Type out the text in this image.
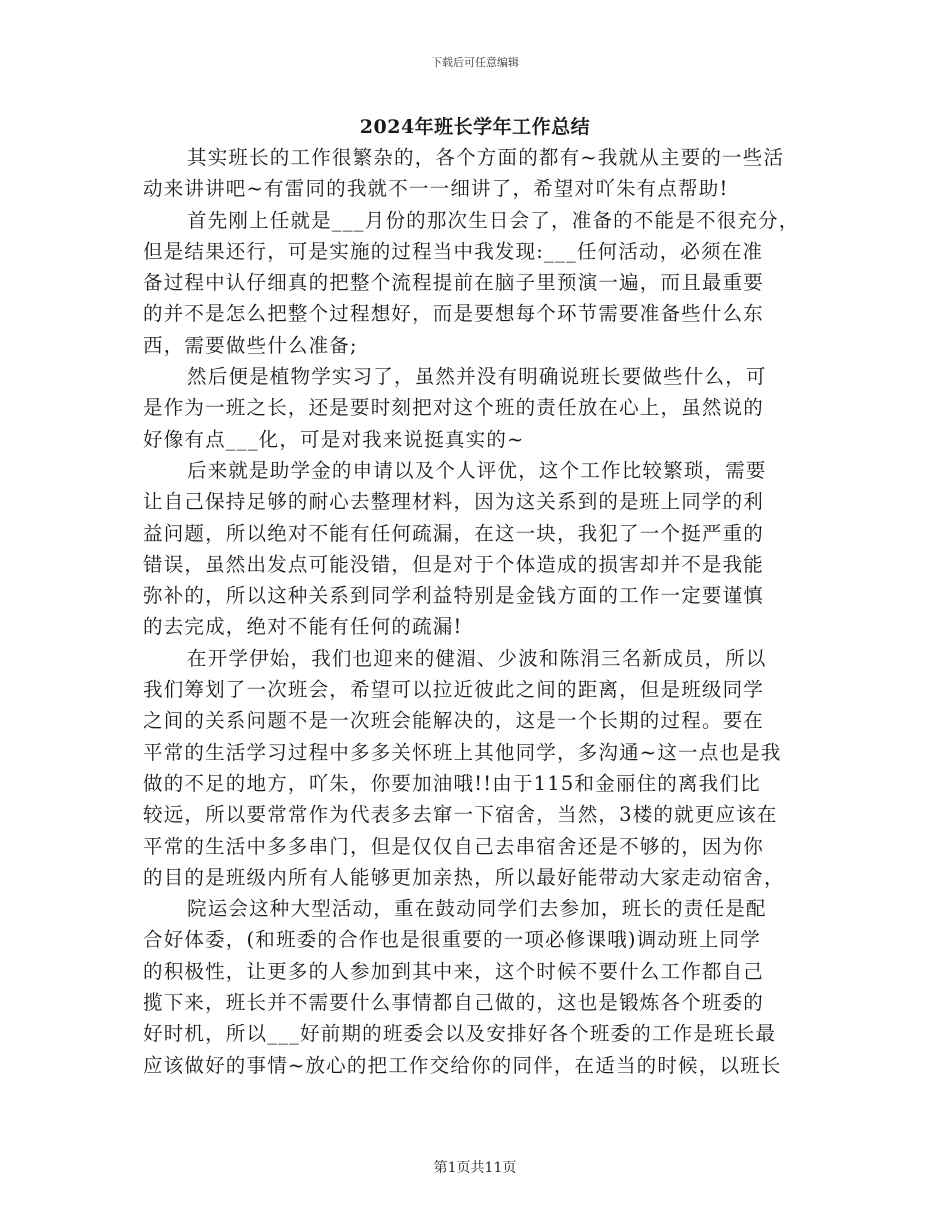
下载后可任意编辑
2024年班长学年工作总结
其实班长的工作很繁杂的，各个方面的都有~我就从主要的一些活
动来讲讲吧~有雷同的我就不一一细讲了，希望对吖朱有点帮助!
首先刚上任就是___月份的那次生日会了，准备的不能是不很充分，
但是结果还行，可是实施的过程当中我发现:___任何活动，必须在准
备过程中认仔细真的把整个流程提前在脑子里预演一遍，而且最重要
的并不是怎么把整个过程想好，而是要想每个环节需要准备些什么东
西，需要做些什么准备;
然后便是植物学实习了，虽然并没有明确说班长要做些什么，可
是作为一班之长，还是要时刻把对这个班的责任放在心上，虽然说的
好像有点___化，可是对我来说挺真实的~
后来就是助学金的申请以及个人评优，这个工作比较繁琐，需要
让自己保持足够的耐心去整理材料，因为这关系到的是班上同学的利
益问题，所以绝对不能有任何疏漏，在这一块，我犯了一个挺严重的
错误，虽然出发点可能没错，但是对于个体造成的损害却并不是我能
弥补的，所以这种关系到同学利益特别是金钱方面的工作一定要谨慎
的去完成，绝对不能有任何的疏漏!
在开学伊始，我们也迎来的健湄、少波和陈涓三名新成员，所以
我们筹划了一次班会，希望可以拉近彼此之间的距离，但是班级同学
之间的关系问题不是一次班会能解决的，这是一个长期的过程。要在
平常的生活学习过程中多多关怀班上其他同学，多沟通~这一点也是我
做的不足的地方，吖朱，你要加油哦!!由于115和金丽住的离我们比
较远，所以要常常作为代表多去窜一下宿舍，当然，3楼的就更应该在
平常的生活中多多串门，但是仅仅自己去串宿舍还是不够的，因为你
的目的是班级内所有人能够更加亲热，所以最好能带动大家走动宿舍，
院运会这种大型活动，重在鼓动同学们去参加，班长的责任是配
合好体委，(和班委的合作也是很重要的一项必修课哦)调动班上同学
的积极性，让更多的人参加到其中来，这个时候不要什么工作都自己
揽下来，班长并不需要什么事情都自己做的，这也是锻炼各个班委的
好时机，所以___好前期的班委会以及安排好各个班委的工作是班长最
应该做好的事情~放心的把工作交给你的同伴，在适当的时候，以班长
第1页共11页
